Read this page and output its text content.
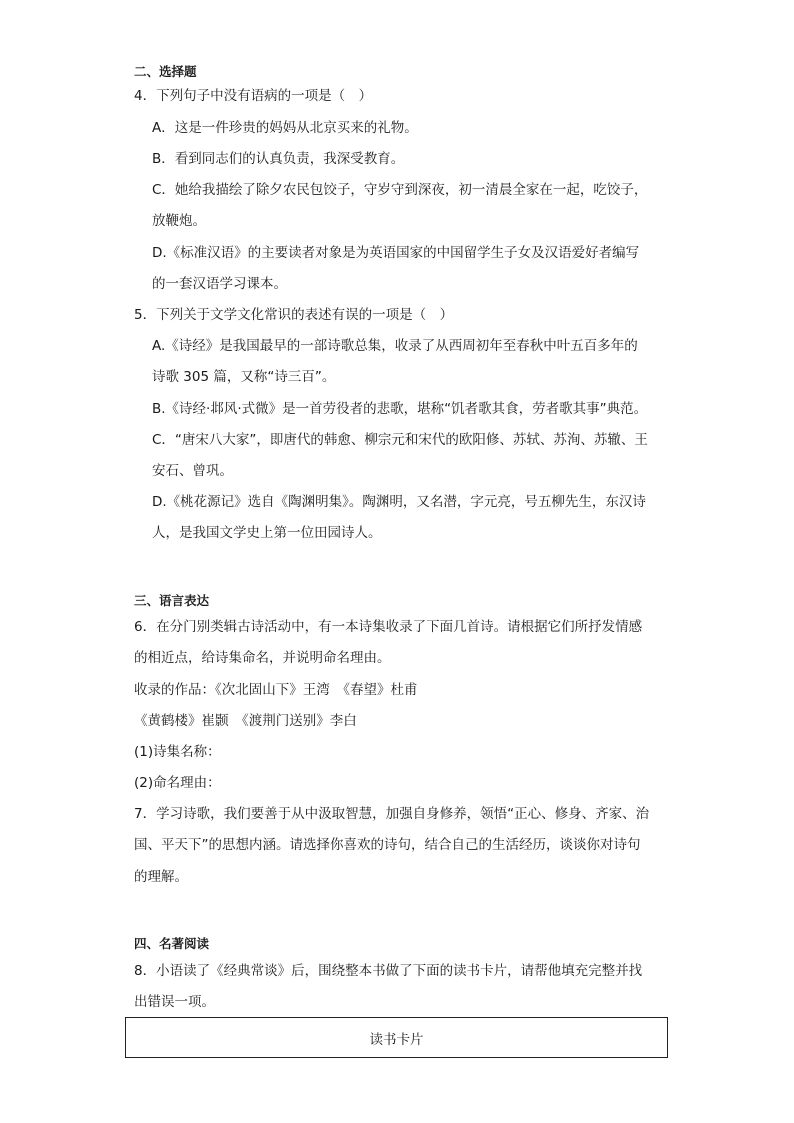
二、选择题
4．下列句子中没有语病的一项是（　）
A．这是一件珍贵的妈妈从北京买来的礼物。
B．看到同志们的认真负责，我深受教育。
C．她给我描绘了除夕农民包饺子，守岁守到深夜，初一清晨全家在一起，吃饺子，
放鞭炮。
D.《标准汉语》的主要读者对象是为英语国家的中国留学生子女及汉语爱好者编写
的一套汉语学习课本。
5．下列关于文学文化常识的表述有误的一项是（　）
A.《诗经》是我国最早的一部诗歌总集，收录了从西周初年至春秋中叶五百多年的
诗歌 305 篇，又称“诗三百”。
B.《诗经·邶风·式微》是一首劳役者的悲歌，堪称“饥者歌其食，劳者歌其事”典范。
C．“唐宋八大家”，即唐代的韩愈、柳宗元和宋代的欧阳修、苏轼、苏洵、苏辙、王
安石、曾巩。
D.《桃花源记》选自《陶渊明集》。陶渊明，又名潜，字元亮，号五柳先生，东汉诗
人，是我国文学史上第一位田园诗人。
三、语言表达
6．在分门别类辑古诗活动中，有一本诗集收录了下面几首诗。请根据它们所抒发情感
的相近点，给诗集命名，并说明命名理由。
收录的作品：《次北固山下》王湾　《春望》杜甫
《黄鹤楼》崔颢　《渡荆门送别》李白
(1)诗集名称：
(2)命名理由：
7．学习诗歌，我们要善于从中汲取智慧，加强自身修养，领悟“正心、修身、齐家、治
国、平天下”的思想内涵。请选择你喜欢的诗句，结合自己的生活经历，谈谈你对诗句
的理解。
四、名著阅读
8．小语读了《经典常谈》后，围绕整本书做了下面的读书卡片，请帮他填充完整并找
出错误一项。
读书卡片
